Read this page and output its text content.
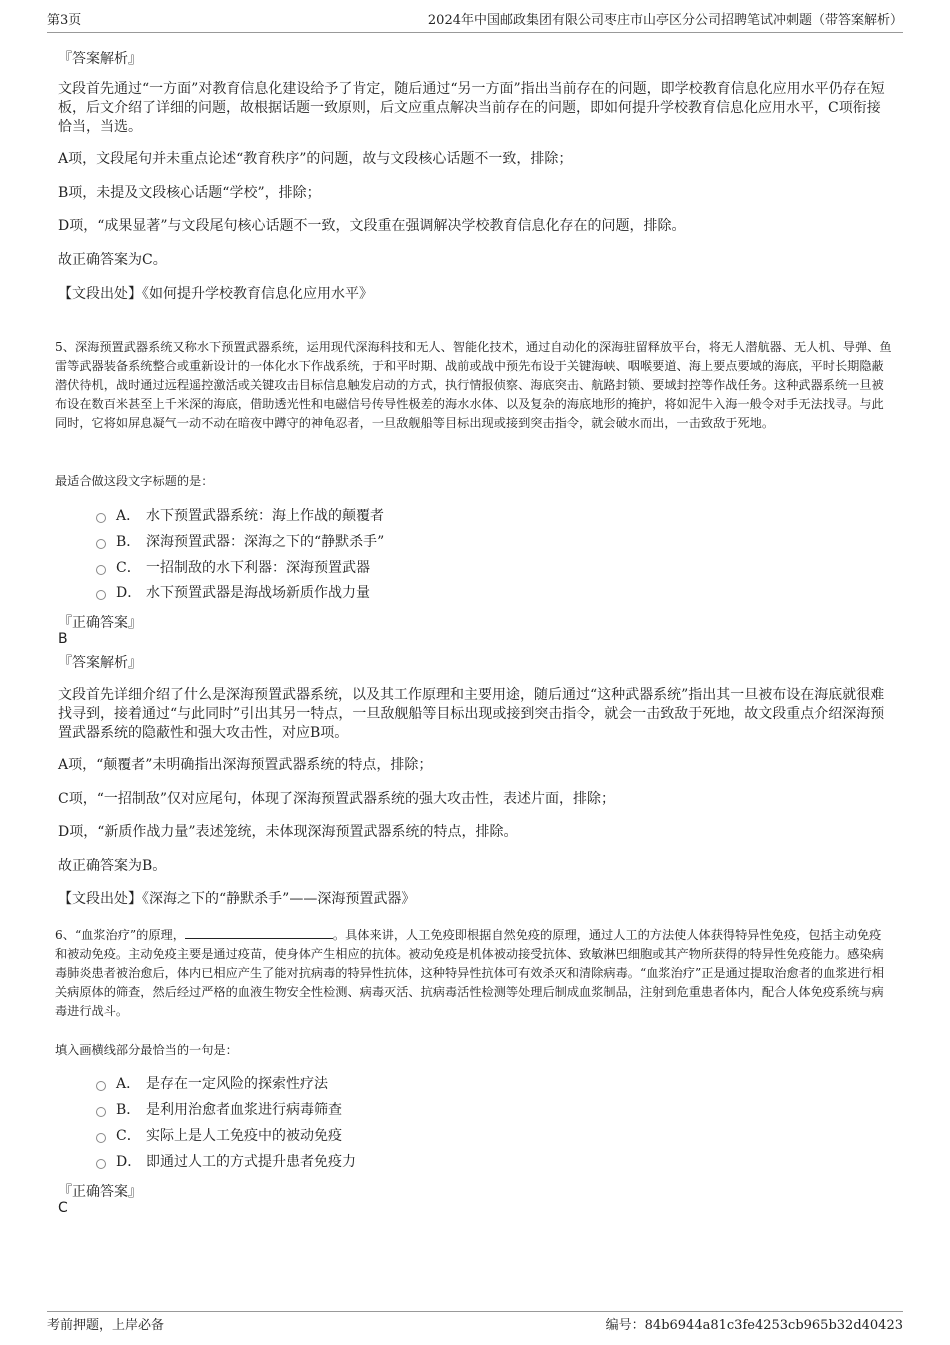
第3页	2024年中国邮政集团有限公司枣庄市山亭区分公司招聘笔试冲刺题（带答案解析）

『答案解析』

文段首先通过“一方面”对教育信息化建设给予了肯定，随后通过“另一方面”指出当前存在的问题，即学校教育信息化应用水平仍存在短板，后文介绍了详细的问题，故根据话题一致原则，后文应重点解决当前存在的问题，即如何提升学校教育信息化应用水平，C项衔接恰当，当选。

A项，文段尾句并未重点论述“教育秩序”的问题，故与文段核心话题不一致，排除；

B项，未提及文段核心话题“学校”，排除；

D项，“成果显著”与文段尾句核心话题不一致，文段重在强调解决学校教育信息化存在的问题，排除。

故正确答案为C。

【文段出处】《如何提升学校教育信息化应用水平》

5、深海预置武器系统又称水下预置武器系统，运用现代深海科技和无人、智能化技术，通过自动化的深海驻留释放平台，将无人潜航器、无人机、导弹、鱼雷等武器装备系统整合或重新设计的一体化水下作战系统，于和平时期、战前或战中预先布设于关键海峡、咽喉要道、海上要点要域的海底，平时长期隐蔽潜伏待机，战时通过远程遥控激活或关键攻击目标信息触发启动的方式，执行情报侦察、海底突击、航路封锁、要域封控等作战任务。这种武器系统一旦被布设在数百米甚至上千米深的海底，借助透光性和电磁信号传导性极差的海水水体、以及复杂的海底地形的掩护，将如泥牛入海一般令对手无法找寻。与此同时，它将如屏息凝气一动不动在暗夜中蹲守的神龟忍者，一旦敌舰船等目标出现或接到突击指令，就会破水而出，一击致敌于死地。

最适合做这段文字标题的是：

A． 水下预置武器系统：海上作战的颠覆者
B． 深海预置武器：深海之下的“静默杀手”
C． 一招制敌的水下利器：深海预置武器
D． 水下预置武器是海战场新质作战力量

『正确答案』

B

『答案解析』

文段首先详细介绍了什么是深海预置武器系统，以及其工作原理和主要用途，随后通过“这种武器系统”指出其一旦被布设在海底就很难找寻到，接着通过“与此同时”引出其另一特点，一旦敌舰船等目标出现或接到突击指令，就会一击致敌于死地，故文段重点介绍深海预置武器系统的隐蔽性和强大攻击性，对应B项。

A项，“颠覆者”未明确指出深海预置武器系统的特点，排除；

C项，“一招制敌”仅对应尾句，体现了深海预置武器系统的强大攻击性，表述片面，排除；

D项，“新质作战力量”表述笼统，未体现深海预置武器系统的特点，排除。

故正确答案为B。

【文段出处】《深海之下的“静默杀手”——深海预置武器》

6、“血浆治疗”的原理，	。具体来讲，人工免疫即根据自然免疫的原理，通过人工的方法使人体获得特异性免疫，包括主动免疫和被动免疫。主动免疫主要是通过疫苗，使身体产生相应的抗体。被动免疫是机体被动接受抗体、致敏淋巴细胞或其产物所获得的特异性免疫能力。感染病毒肺炎患者被治愈后，体内已相应产生了能对抗病毒的特异性抗体，这种特异性抗体可有效杀灭和清除病毒。“血浆治疗”正是通过提取治愈者的血浆进行相关病原体的筛查，然后经过严格的血液生物安全性检测、病毒灭活、抗病毒活性检测等处理后制成血浆制品，注射到危重患者体内，配合人体免疫系统与病毒进行战斗。

填入画横线部分最恰当的一句是：

A． 是存在一定风险的探索性疗法
B． 是利用治愈者血浆进行病毒筛查
C． 实际上是人工免疫中的被动免疫
D． 即通过人工的方式提升患者免疫力

『正确答案』

C

考前押题，上岸必备	编号：84b6944a81c3fe4253cb965b32d40423
